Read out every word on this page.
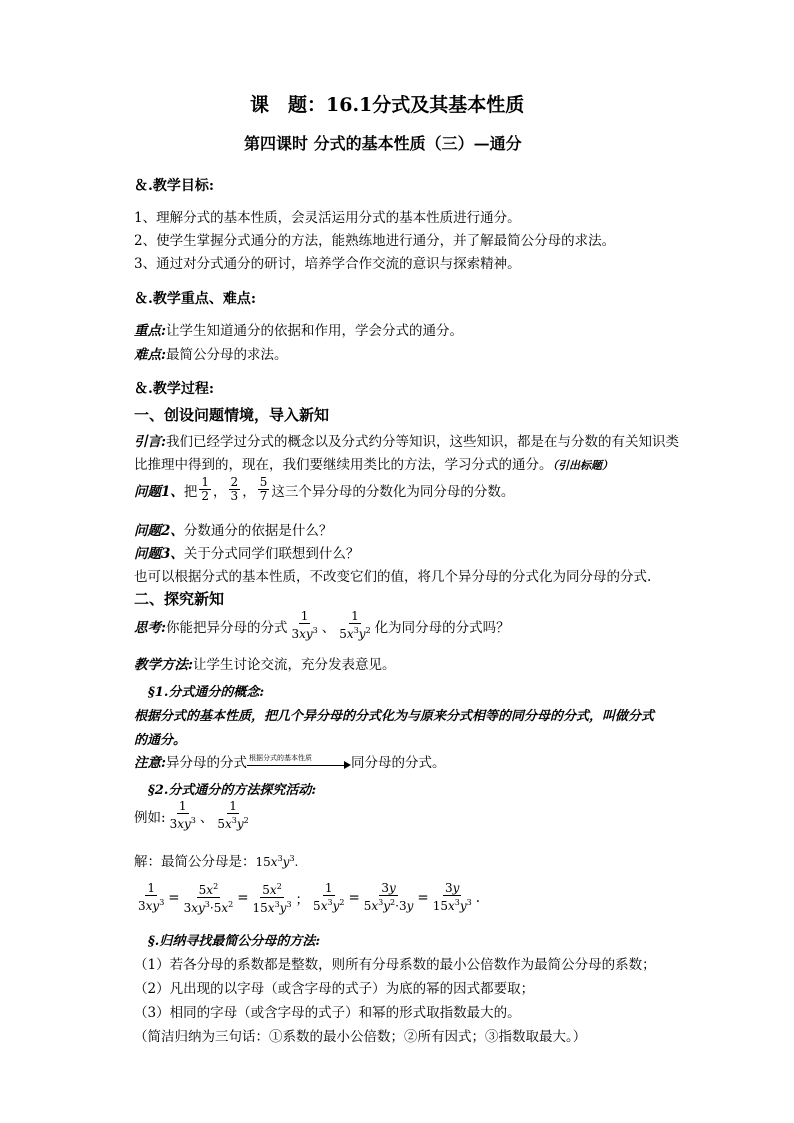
课　题：16.1分式及其基本性质
第四课时 分式的基本性质（三）—通分
＆.教学目标:
1、理解分式的基本性质，会灵活运用分式的基本性质进行通分。
2、使学生掌握分式通分的方法，能熟练地进行通分，并了解最简公分母的求法。
3、通过对分式通分的研讨，培养学合作交流的意识与探索精神。
＆.教学重点、难点:
重点:让学生知道通分的依据和作用，学会分式的通分。
难点:最简公分母的求法。
＆.教学过程:
一、创设问题情境，导入新知
引言:我们已经学过分式的概念以及分式约分等知识，这些知识，都是在与分数的有关知识类
比推理中得到的，现在，我们要继续用类比的方法，学习分式的通分。（引出标题）
问题1、 把 $\frac{1}{2}$ ， $\frac{2}{3}$ ， $\frac{5}{7}$ 这三个异分母的分数化为同分母的分数。
问题2、分数通分的依据是什么？
问题3、关于分式同学们联想到什么？
也可以根据分式的基本性质，不改变它们的值，将几个异分母的分式化为同分母的分式.
二、探究新知
思考: 你能把异分母的分式 $\frac{1}{3xy^3}$ 、 $\frac{1}{5x^3y^2}$ 化为同分母的分式吗？
教学方法:让学生讨论交流，充分发表意见。
§1.分式通分的概念:
根据分式的基本性质，把几个异分母的分式化为与原来分式相等的同分母的分式，叫做分式
的通分。
注意:异分母的分式 根据分式的基本性质	同分母的分式。
§2.分式通分的方法探究活动:
例如: $\frac{1}{3xy^3}$ 、 $\frac{1}{5x^3y^2}$
解：最简公分母是：$15x^3y^3$.
$\frac{1}{3xy^3} = \frac{5x^2}{3xy^3\cdot 5x^2} = \frac{5x^2}{15x^3y^3}$ ； $\frac{1}{5x^3y^2} = \frac{3y}{5x^3y^2\cdot 3y} = \frac{3y}{15x^3y^3}$ .
§.归纳寻找最简公分母的方法:
（1）若各分母的系数都是整数，则所有分母系数的最小公倍数作为最简公分母的系数；
（2）凡出现的以字母（或含字母的式子）为底的幂的因式都要取；
（3）相同的字母（或含字母的式子）和幂的形式取指数最大的。
（简洁归纳为三句话：①系数的最小公倍数；②所有因式；③指数取最大。）
